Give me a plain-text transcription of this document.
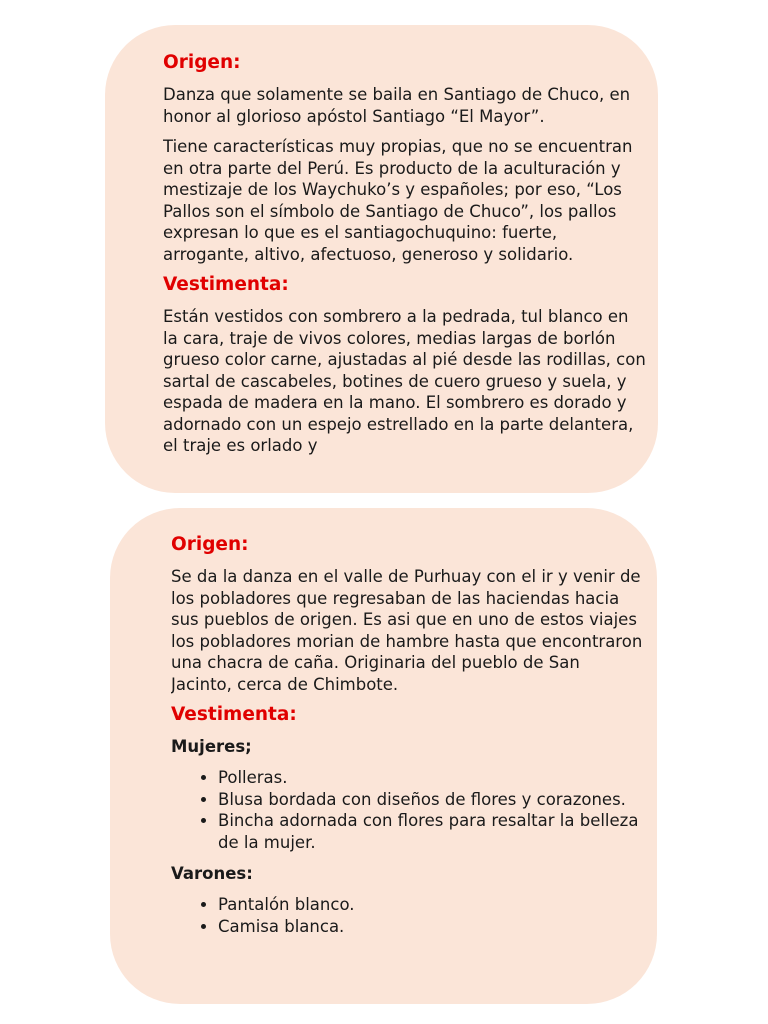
Origen:

Danza que solamente se baila en Santiago de Chuco, en honor al glorioso apóstol Santiago “El Mayor”.

Tiene características muy propias, que no se encuentran en otra parte del Perú. Es producto de la aculturación y mestizaje de los Waychuko’s y españoles; por eso, “Los Pallos son el símbolo de Santiago de Chuco”, los pallos expresan lo que es el santiagochuquino: fuerte, arrogante, altivo, afectuoso, generoso y solidario.

Vestimenta:

Están vestidos con sombrero a la pedrada, tul blanco en la cara, traje de vivos colores, medias largas de borlón grueso color carne, ajustadas al pié desde las rodillas, con sartal de cascabeles, botines de cuero grueso y suela, y espada de madera en la mano. El sombrero es dorado y adornado con un espejo estrellado en la parte delantera, el traje es orlado y

Origen:

Se da la danza en el valle de Purhuay con el ir y venir de los pobladores que regresaban de las haciendas hacia sus pueblos de origen. Es asi que en uno de estos viajes los pobladores morian de hambre hasta que encontraron una chacra de caña. Originaria del pueblo de San Jacinto, cerca de Chimbote.

Vestimenta:
Mujeres;
• Polleras.
• Blusa bordada con diseños de flores y corazones.
• Bincha adornada con flores para resaltar la belleza de la mujer.
Varones:
• Pantalón blanco.
• Camisa blanca.
